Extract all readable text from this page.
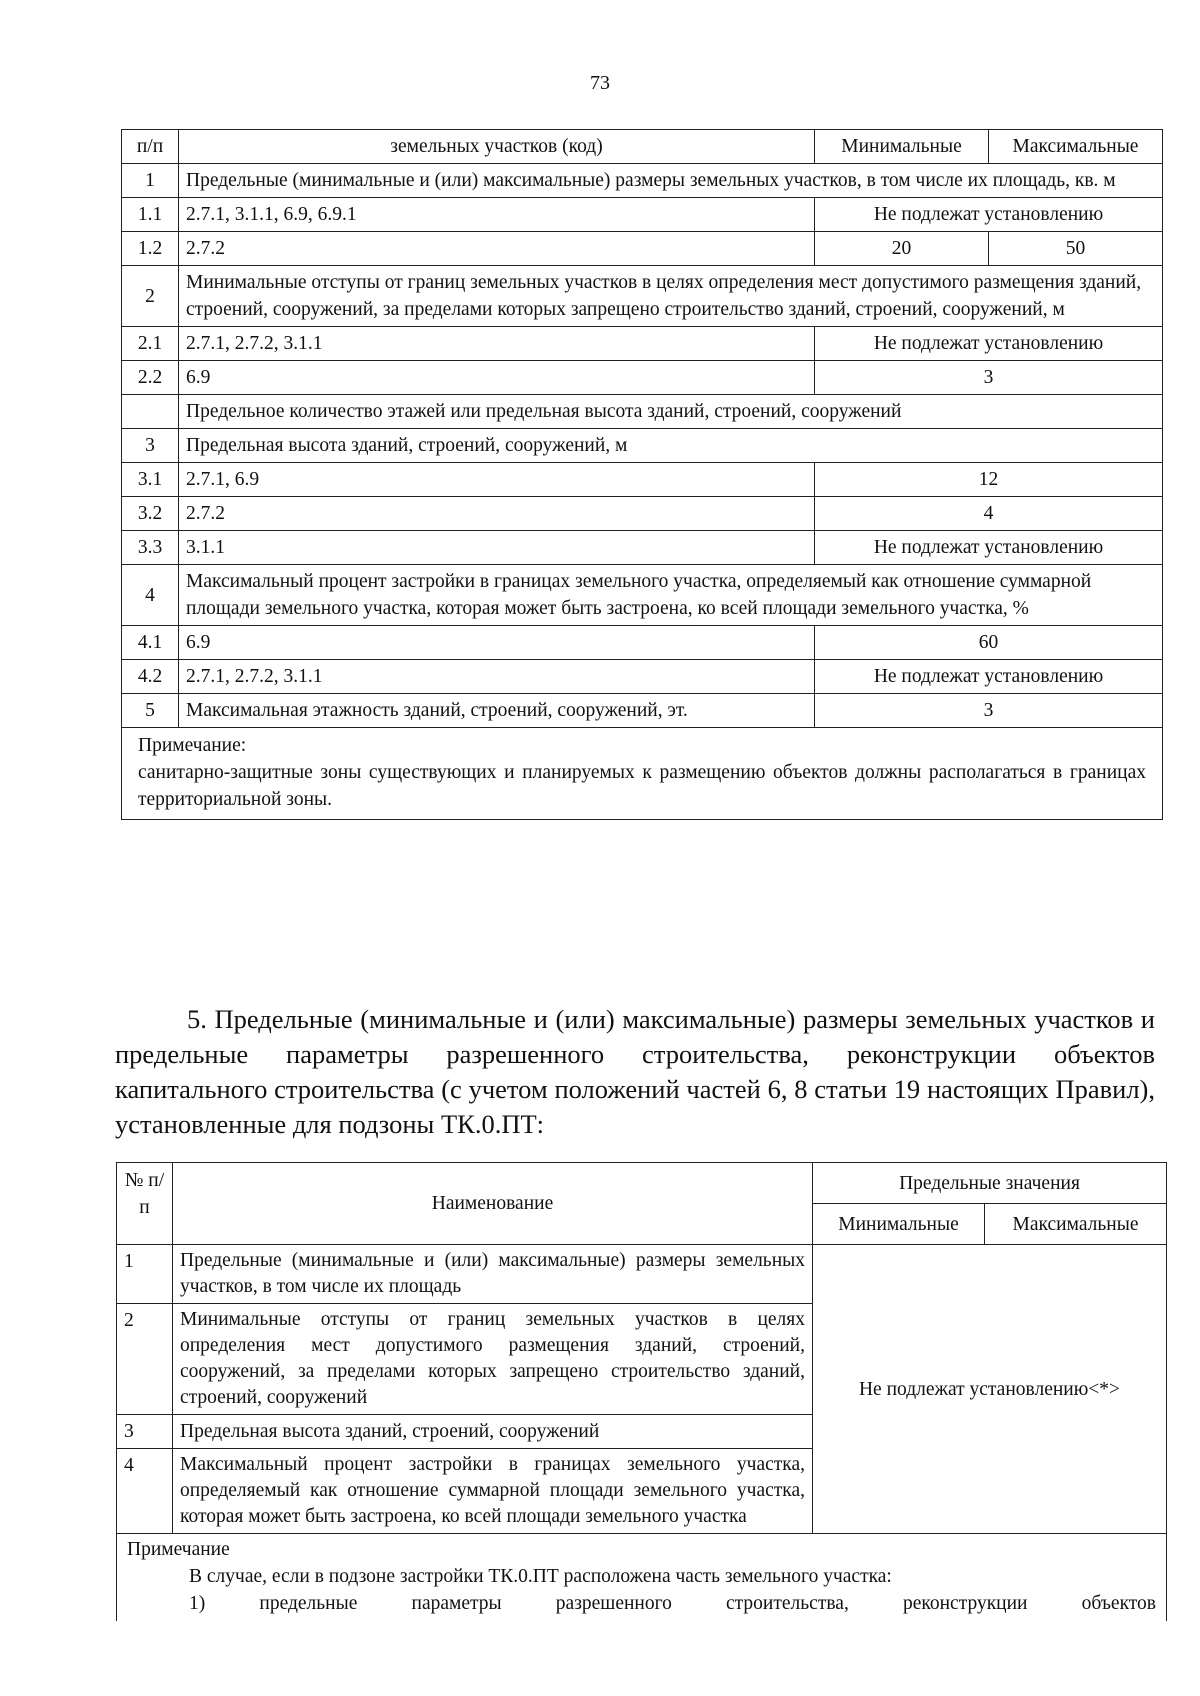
73
п/п	земельных участков (код)	Минимальные	Максимальные
1	Предельные (минимальные и (или) максимальные) размеры земельных участков, в том числе их площадь, кв. м		
1.1	2.7.1, 3.1.1, 6.9, 6.9.1	Не подлежат установлению	
1.2	2.7.2	20	50
2	Минимальные отступы от границ земельных участков в целях определения мест допустимого размещения зданий, строений, сооружений, за пределами которых запрещено строительство зданий, строений, сооружений, м		
2.1	2.7.1, 2.7.2, 3.1.1	Не подлежат установлению	
2.2	6.9	3	
	Предельное количество этажей или предельная высота зданий, строений, сооружений		
3	Предельная высота зданий, строений, сооружений, м		
3.1	2.7.1, 6.9	12	
3.2	2.7.2	4	
3.3	3.1.1	Не подлежат установлению	
4	Максимальный процент застройки в границах земельного участка, определяемый как отношение суммарной площади земельного участка, которая может быть застроена, ко всей площади земельного участка, %		
4.1	6.9	60	
4.2	2.7.1, 2.7.2, 3.1.1	Не подлежат установлению	
5	Максимальная этажность зданий, строений, сооружений, эт.	3	

Примечание:
санитарно-защитные зоны существующих и планируемых к размещению объектов должны располагаться в границах территориальной зоны.			
5. Предельные (минимальные и (или) максимальные) размеры земельных участков и предельные параметры разрешенного строительства, реконструкции объектов капитального строительства (с учетом положений частей 6, 8 статьи 19 настоящих Правил), установленные для подзоны ТК.0.ПТ:
№ п/п	Наименование	Предельные значения	
		Минимальные	Максимальные
1	Предельные (минимальные и (или) максимальные) размеры земельных участков, в том числе их площадь	Не подлежат установлению<*>	
2	Минимальные отступы от границ земельных участков в целях определения мест допустимого размещения зданий, строений, сооружений, за пределами которых запрещено строительство зданий, строений, сооружений		
3	Предельная высота зданий, строений, сооружений		
4	Максимальный процент застройки в границах земельного участка, определяемый как отношение суммарной площади земельного участка, которая может быть застроена, ко всей площади земельного участка		

Примечание
В случае, если в подзоне застройки ТК.0.ПТ расположена часть земельного участка:
1) предельные параметры разрешенного строительства, реконструкции объектов			
